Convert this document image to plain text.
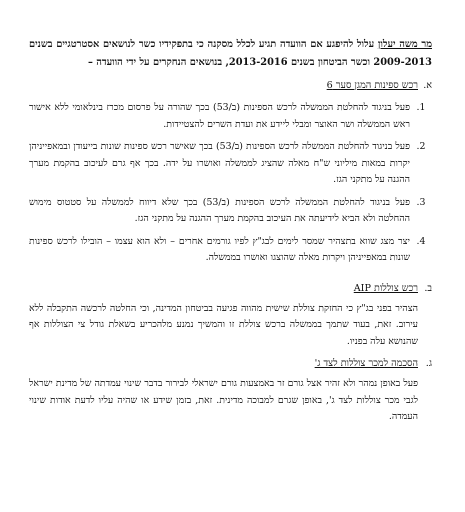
מר משה יעלון עלול להיפגע אם הוועדה תגיע לכלל מסקנה כי בתפקידיו כשר לנושאים אסטרטגיים בשנים 2009-2013 וכשר הביטחון בשנים 2013-2016, בנושאים הנחקרים על ידי הוועדה –

א.
רכש ספינות המגן סער 6
1.
פעל בניגוד להחלטת הממשלה לרכש הספינות (ב/53) בכך שהורה על פרסום מכרז בינלאומי ללא אישור ראש הממשלה ושר האוצר ומבלי ליידע את ועדת השרים להצטיידות.
2.
פעל בניגוד להחלטת הממשלה לרכש הספינות (ב/53) בכך שאישר רכש ספינות שונות בייעודן ובמאפייניהן יקרות במאות מיליוני ש"ח מאלה שהציג לממשלה ואושרו על ידה. בכך אף גרם לעיכוב בהקמת מערך ההגנה על מתקני הגז.
3.
פעל בניגוד להחלטת הממשלה לרכש הספינות (ב/53) בכך שלא דיווח לממשלה על סטטוס מימוש ההחלטה ולא הביא לידיעתה את העיכוב בהקמת מערך ההגנה על מתקני הגז.
4.
יצר מצג שווא בתצהיר שמסר לימים לבג"ץ לפיו גורמים אחרים – ולא הוא עצמו – הובילו לרכש ספינות שונות במאפייניהן ויקרות מאלה שהוצגו ואושרו בממשלה.
ב.
רכש צוללות AIP

הצהיר בפני בג"ץ כי החזקת צוללת שישית מהווה פגיעה בביטחון המדינה, וכי החלטה לרכשה התקבלה ללא עירוב. זאת, בעוד שתמך בממשלה ברכש צוללת זו והמשיך נמנע מלהכריע בשאלת גודל צי הצוללות אף שהנושא עלה בפניו.

ג.
הסכמה למכר צוללות לצד ג'

פעל באופן נמהר ולא זהיר אצל גורם זר באמצעות גורם ישראלי לבירור בדבר שינוי עמדתה של מדינת ישראל לגבי מכר צוללות לצד ג', באופן שגרם למבוכה מדינית. זאת, בזמן שידע או שהיה עליו לדעת אודות שינוי העמדה.
